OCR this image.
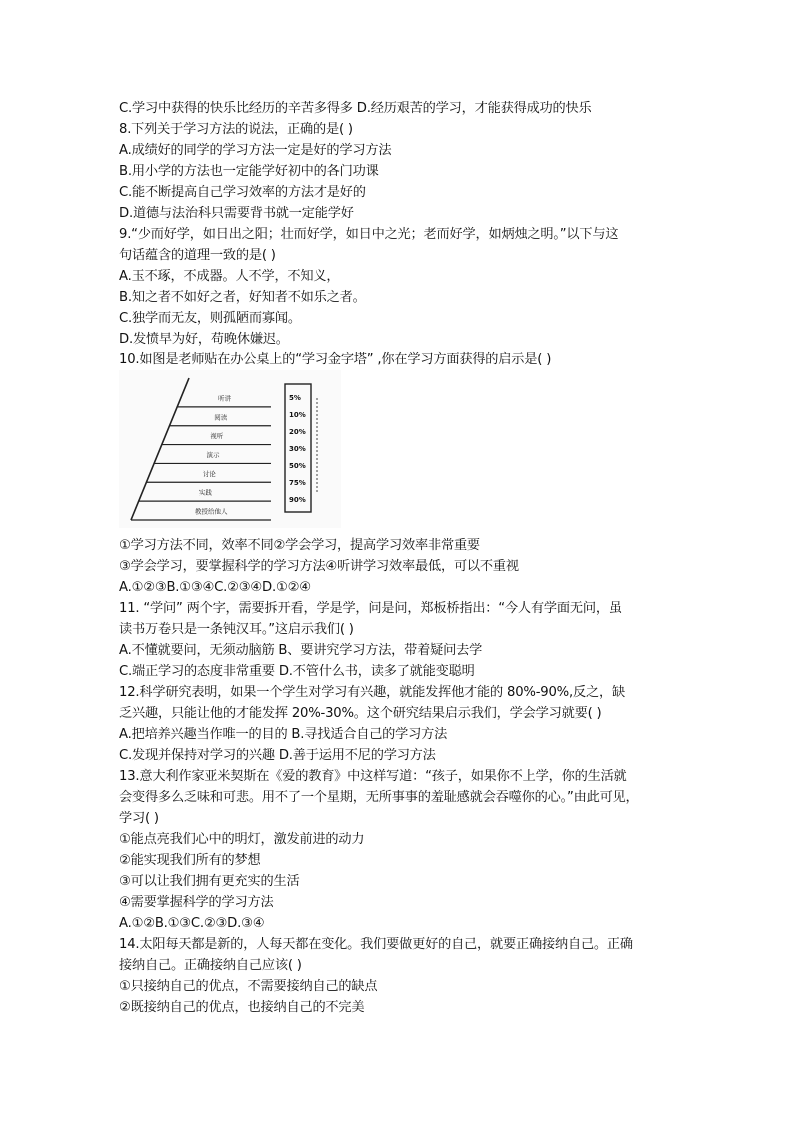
C.学习中获得的快乐比经历的辛苦多得多 D.经历艰苦的学习，才能获得成功的快乐
8.下列关于学习方法的说法，正确的是( )
A.成绩好的同学的学习方法一定是好的学习方法
B.用小学的方法也一定能学好初中的各门功课
C.能不断提高自己学习效率的方法才是好的
D.道德与法治科只需要背书就一定能学好
9.“少而好学，如日出之阳；壮而好学，如日中之光；老而好学，如炳烛之明。”以下与这
句话蕴含的道理一致的是( )
A.玉不琢，不成器。人不学，不知义，
B.知之者不如好之者，好知者不如乐之者。
C.独学而无友，则孤陋而寡闻。
D.发愤早为好，苟晚休嫌迟。
10.如图是老师贴在办公桌上的“学习金字塔” ,你在学习方面获得的启示是( )
①学习方法不同，效率不同②学会学习，提高学习效率非常重要
③学会学习，要掌握科学的学习方法④听讲学习效率最低，可以不重视
A.①②③B.①③④C.②③④D.①②④
11. “学问” 两个字，需要拆开看，学是学，问是问，郑板桥指出：“今人有学面无问，虽
读书万卷只是一条钝汉耳。”这启示我们( )
A.不懂就要问，无须动脑筋 B、要讲究学习方法，带着疑问去学
C.端正学习的态度非常重要 D.不管什么书，读多了就能变聪明
12.科学研究表明，如果一个学生对学习有兴趣，就能发挥他才能的 80%-90%,反之，缺
乏兴趣，只能让他的才能发挥 20%-30%。这个研究结果启示我们，学会学习就要( )
A.把培养兴趣当作唯一的目的 B.寻找适合自己的学习方法
C.发现并保持对学习的兴趣 D.善于运用不尼的学习方法
13.意大利作家亚米契斯在《爱的教育》中这样写道：“孩子，如果你不上学，你的生活就
会变得多么乏味和可悲。用不了一个星期，无所事事的羞耻感就会吞噬你的心。”由此可见，
学习( )
①能点亮我们心中的明灯，激发前进的动力
②能实现我们所有的梦想
③可以让我们拥有更充实的生活
④需要掌握科学的学习方法
A.①②B.①③C.②③D.③④
14.太阳每天都是新的，人每天都在变化。我们要做更好的自己，就要正确接纳自己。正确
接纳自己。正确接纳自己应该( )
①只接纳自己的优点，不需要接纳自己的缺点
②既接纳自己的优点，也接纳自己的不完美
听讲	5%
阅读	10%
视听
20%
演示
30%
讨论
50%
实践
75%
教授给他人
90%
